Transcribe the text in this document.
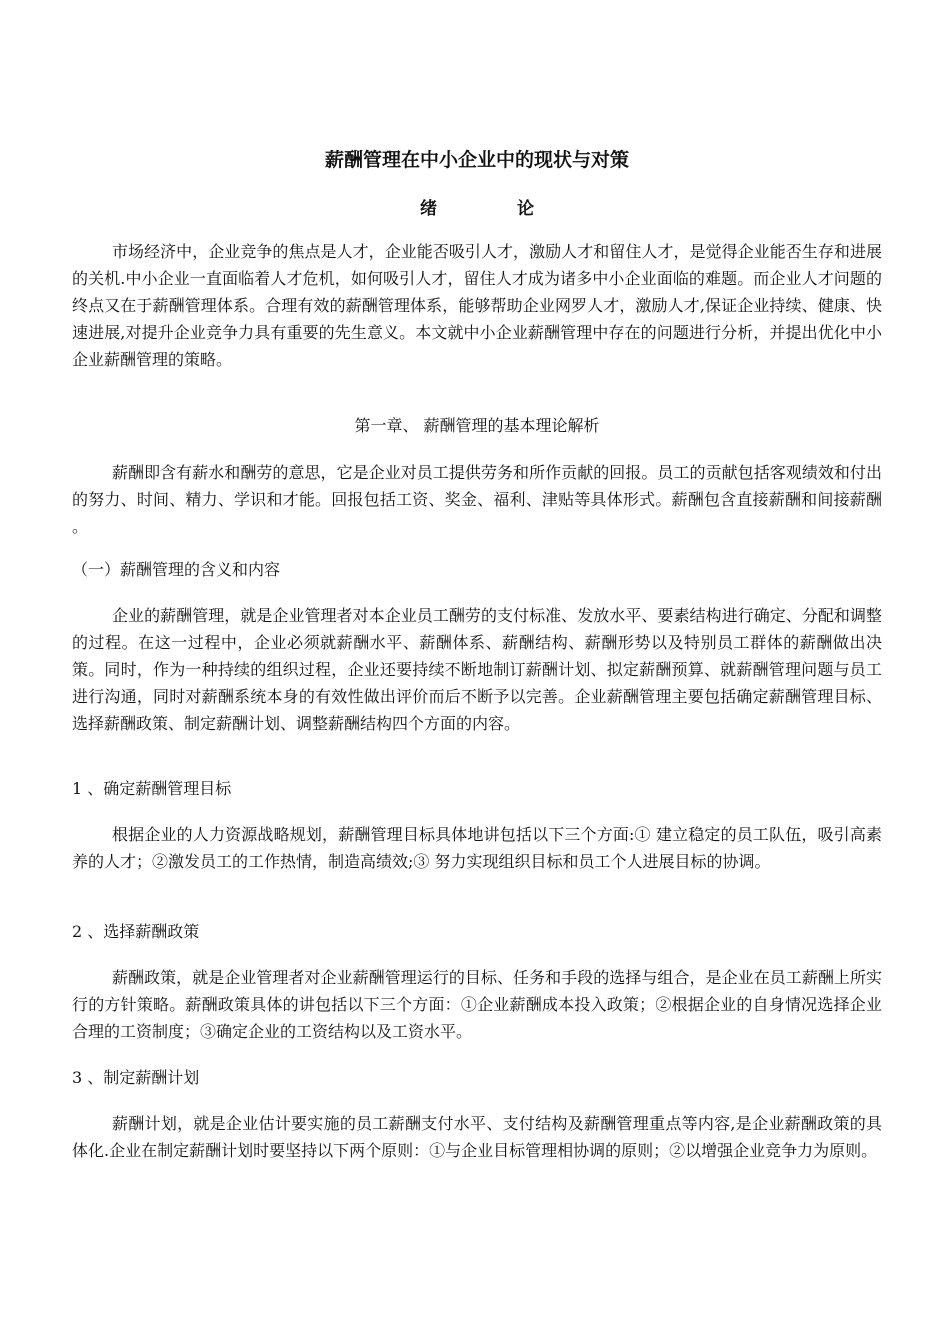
薪酬管理在中小企业中的现状与对策
绪论

市场经济中，企业竞争的焦点是人才，企业能否吸引人才，激励人才和留住人才，是觉得企业能否生存和进展的关机.中小企业一直面临着人才危机，如何吸引人才，留住人才成为诸多中小企业面临的难题。而企业人才问题的终点又在于薪酬管理体系。合理有效的薪酬管理体系，能够帮助企业网罗人才，激励人才,保证企业持续、健康、快速进展,对提升企业竞争力具有重要的先生意义。本文就中小企业薪酬管理中存在的问题进行分析，并提出优化中小企业薪酬管理的策略。

第一章、 薪酬管理的基本理论解析

薪酬即含有薪水和酬劳的意思，它是企业对员工提供劳务和所作贡献的回报。员工的贡献包括客观绩效和付出的努力、时间、精力、学识和才能。回报包括工资、奖金、福利、津贴等具体形式。薪酬包含直接薪酬和间接薪酬 。

（一）薪酬管理的含义和内容

企业的薪酬管理，就是企业管理者对本企业员工酬劳的支付标准、发放水平、要素结构进行确定、分配和调整的过程。在这一过程中，企业必须就薪酬水平、薪酬体系、薪酬结构、薪酬形势以及特别员工群体的薪酬做出决策。同时，作为一种持续的组织过程，企业还要持续不断地制订薪酬计划、拟定薪酬预算、就薪酬管理问题与员工进行沟通，同时对薪酬系统本身的有效性做出评价而后不断予以完善。企业薪酬管理主要包括确定薪酬管理目标、选择薪酬政策、制定薪酬计划、调整薪酬结构四个方面的内容。

1 、确定薪酬管理目标

根据企业的人力资源战略规划，薪酬管理目标具体地讲包括以下三个方面:① 建立稳定的员工队伍，吸引高素养的人才；②激发员工的工作热情，制造高绩效;③ 努力实现组织目标和员工个人进展目标的协调。

2 、选择薪酬政策

薪酬政策，就是企业管理者对企业薪酬管理运行的目标、任务和手段的选择与组合，是企业在员工薪酬上所实行的方针策略。薪酬政策具体的讲包括以下三个方面：①企业薪酬成本投入政策；②根据企业的自身情况选择企业合理的工资制度；③确定企业的工资结构以及工资水平。

3 、制定薪酬计划

薪酬计划，就是企业估计要实施的员工薪酬支付水平、支付结构及薪酬管理重点等内容,是企业薪酬政策的具体化.企业在制定薪酬计划时要坚持以下两个原则：①与企业目标管理相协调的原则；②以增强企业竞争力为原则。
